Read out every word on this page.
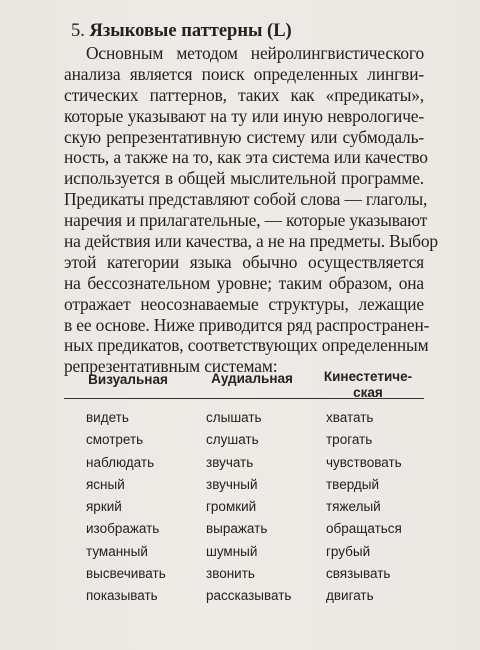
5. Языковые паттерны (L)
Основным методом нейролингвистического
анализа является поиск определенных лингви-
стических паттернов, таких как «предикаты»,
которые указывают на ту или иную неврологиче-
скую репрезентативную систему или субмодаль-
ность, а также на то, как эта система или качество
используется в общей мыслительной программе.
Предикаты представляют собой слова — глаголы,
наречия и прилагательные, — которые указывают
на действия или качества, а не на предметы. Выбор
этой категории языка обычно осуществляется
на бессознательном уровне; таким образом, она
отражает неосознаваемые структуры, лежащие
в ее основе. Ниже приводится ряд распространен-
ных предикатов, соответствующих определенным
репрезентативным системам:
Визуальная	Аудиальная Кинестетиче-
ская
видеть
смотреть
наблюдать
ясный
яркий
изображать
туманный
высвечивать
показывать
слышать
слушать
звучать
звучный
громкий
выражать
шумный
звонить
рассказывать
хватать
трогать
чувствовать
твердый
тяжелый
обращаться
грубый
связывать
двигать
